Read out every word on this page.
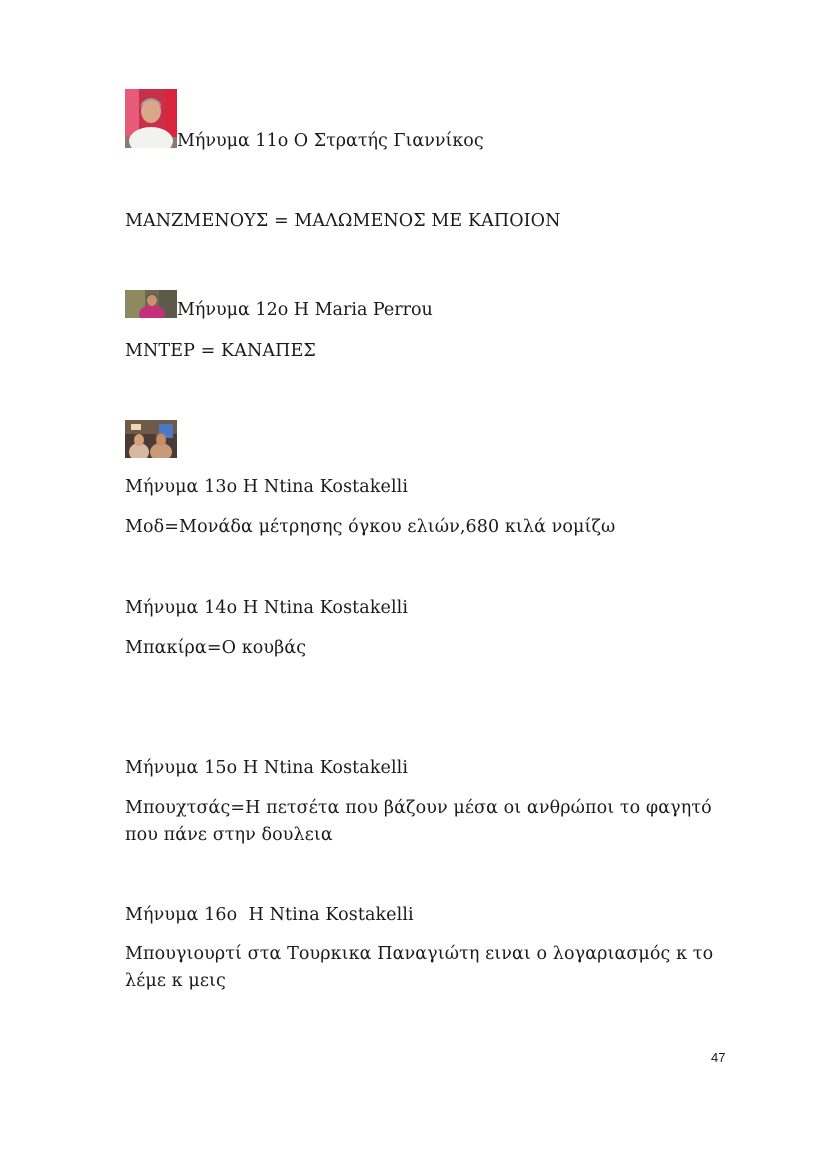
Μήνυμα 11ο Ο Στρατής Γιαννίκος
ΜΑΝΖΜΕΝΟΥΣ = ΜΑΛΩΜΕΝΟΣ ΜΕ ΚΑΠΟΙΟΝ
Μήνυμα 12ο Η Maria Perrou
ΜΝΤΕΡ = ΚΑΝΑΠΕΣ
Μήνυμα 13ο Η Ntina Kostakelli
Μοδ=Μονάδα μέτρησης όγκου ελιών,680 κιλά νομίζω
Μήνυμα 14ο Η Ntina Kostakelli
Μπακίρα=Ο κουβάς
Μήνυμα 15ο Η Ntina Kostakelli
Μπουχτσάς=Η πετσέτα που βάζουν μέσα οι ανθρώποι το φαγητό που πάνε στην δουλεια
Μήνυμα 16ο  Η Ntina Kostakelli
Μπουγιουρτί στα Τουρκικα Παναγιώτη ειναι ο λογαριασμός κ το λέμε κ μεις
47
